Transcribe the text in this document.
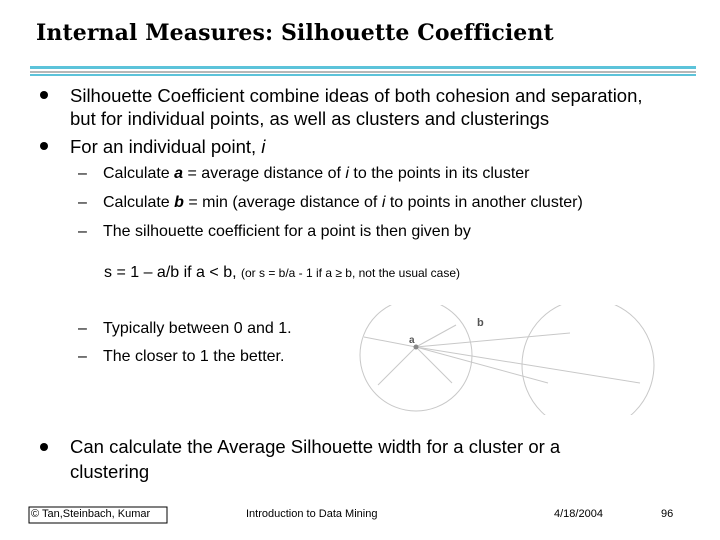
Internal Measures: Silhouette Coefficient
Silhouette Coefficient combine ideas of both cohesion and separation,
but for individual points, as well as clusters and clusterings
For an individual point, i
– Calculate a = average distance of i to the points in its cluster
– Calculate b = min (average distance of i to points in another cluster)
– The silhouette coefficient for a point is then given by
s = 1 – a/b if a < b, (or s = b/a - 1 if a ≥ b, not the usual case)
– Typically between 0 and 1.
– The closer to 1 the better.
a
b
Can calculate the Average Silhouette width for a cluster or a
clustering
© Tan,Steinbach, Kumar	Introduction to Data Mining	4/18/2004	96
